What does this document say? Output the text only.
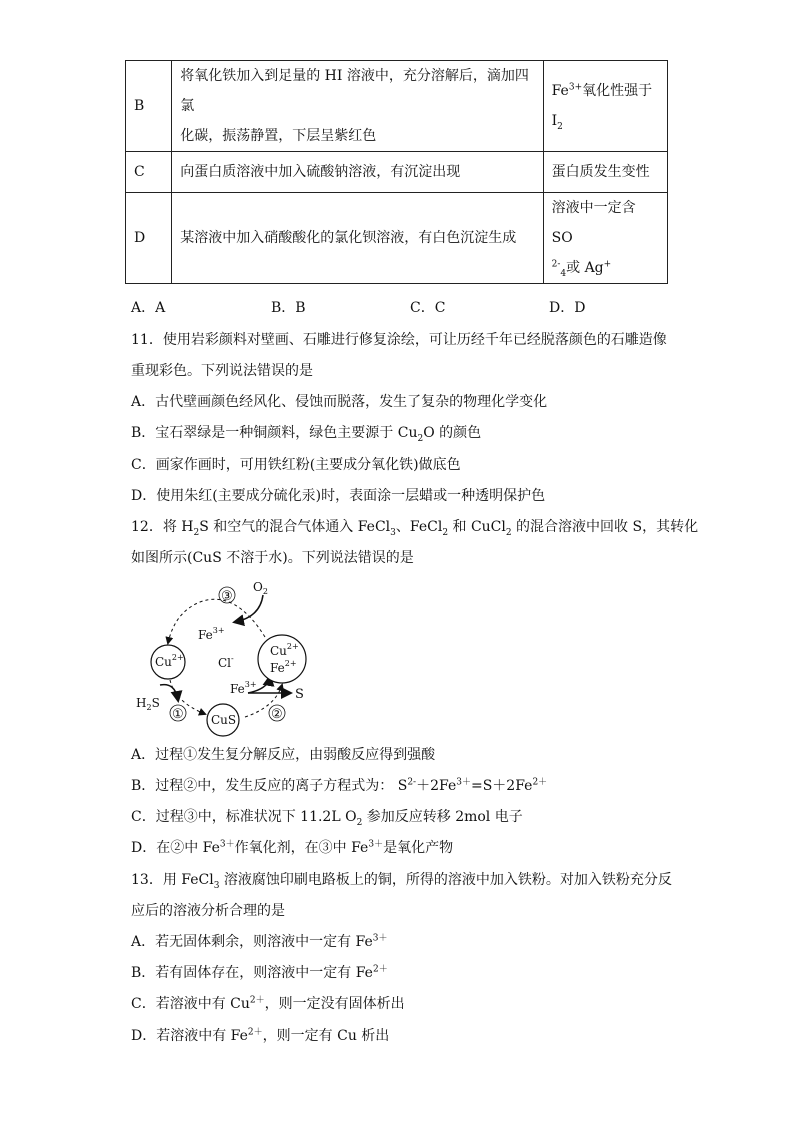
B	将氧化铁加入到足量的 HI 溶液中，充分溶解后，滴加四氯
化碳，振荡静置，下层呈紫红色	$Fe^{3+}$氧化性强于 $I_2$
C	向蛋白质溶液中加入硫酸钠溶液，有沉淀出现	蛋白质发生变性
D	某溶液中加入硝酸酸化的氯化钡溶液，有白色沉淀生成	溶液中一定含 SO
$^{2-}_4$或 Ag+
A．A	B．B	C．C	D．D
11．使用岩彩颜料对壁画、石雕进行修复涂绘，可让历经千年已经脱落颜色的石雕造像
重现彩色。下列说法错误的是
A．古代壁画颜色经风化、侵蚀而脱落，发生了复杂的物理化学变化
B．宝石翠绿是一种铜颜料，绿色主要源于 $Cu_2O$ 的颜色
C．画家作画时，可用铁红粉(主要成分氧化铁)做底色
D．使用朱红(主要成分硫化汞)时，表面涂一层蜡或一种透明保护色
12．将 $H_2S$ 和空气的混合气体通入 FeCl$_3$、FeCl$_2$ 和 CuCl$_2$ 的混合溶液中回收 S，其转化
如图所示(CuS 不溶于水)。下列说法错误的是
$O_2$
③
$Fe^{3+}$
$Cu^{2+}$	Cl-
$Cu^{2+}$
$Fe^{2+}$
$Fe^{3+}$
S
$H_2S$
① CuS	②
A．过程①发生复分解反应，由弱酸反应得到强酸
B．过程②中，发生反应的离子方程式为： $S^{2-}+2Fe^{3+}=S+2Fe^{2+}$
C．过程③中，标准状况下 11.2L $O_2$ 参加反应转移 2mol 电子
D．在②中 $Fe^{3+}$作氧化剂，在③中 $Fe^{3+}$是氧化产物
13．用 FeCl$_3$ 溶液腐蚀印刷电路板上的铜，所得的溶液中加入铁粉。对加入铁粉充分反
应后的溶液分析合理的是
A．若无固体剩余，则溶液中一定有 $Fe^{3+}$
B．若有固体存在，则溶液中一定有 $Fe^{2+}$
C．若溶液中有 $Cu^{2+}$，则一定没有固体析出
D．若溶液中有 $Fe^{2+}$，则一定有 Cu 析出
